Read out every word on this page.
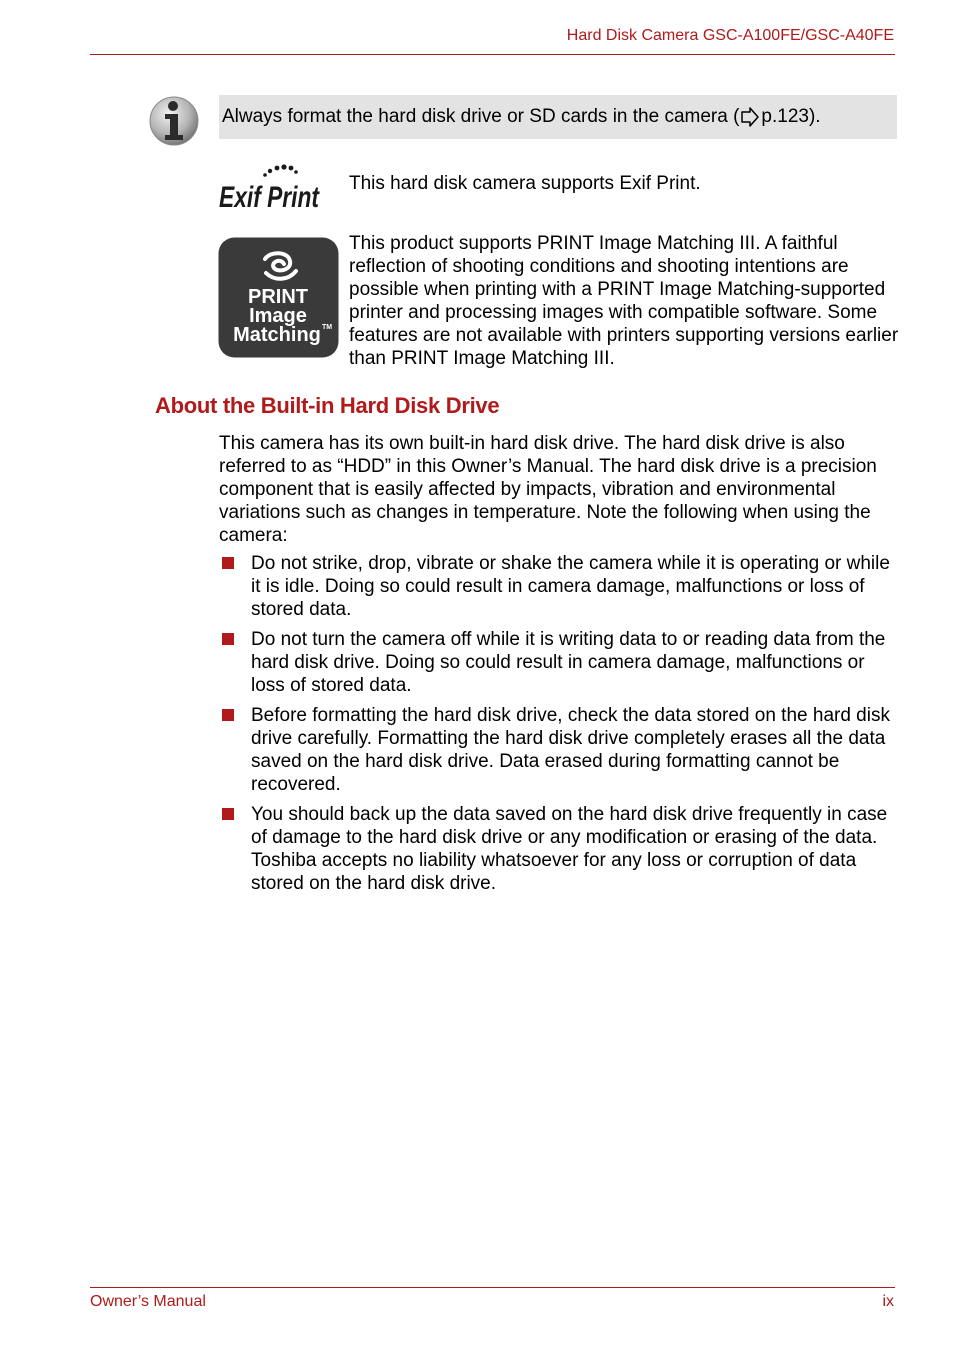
Hard Disk Camera GSC-A100FE/GSC-A40FE
Always format the hard disk drive or SD cards in the camera ( p.123).
Exif Print This hard disk camera supports Exif Print.
PRINT
Image
Matching TM
This product supports PRINT Image Matching III. A faithful reflection of shooting conditions and shooting intentions are possible when printing with a PRINT Image Matching-supported printer and processing images with compatible software. Some features are not available with printers supporting versions earlier than PRINT Image Matching III.
About the Built-in Hard Disk Drive
This camera has its own built-in hard disk drive. The hard disk drive is also referred to as “HDD” in this Owner’s Manual. The hard disk drive is a precision component that is easily affected by impacts, vibration and environmental variations such as changes in temperature. Note the following when using the camera:
Do not strike, drop, vibrate or shake the camera while it is operating or while it is idle. Doing so could result in camera damage, malfunctions or loss of stored data.
Do not turn the camera off while it is writing data to or reading data from the hard disk drive. Doing so could result in camera damage, malfunctions or loss of stored data.
Before formatting the hard disk drive, check the data stored on the hard disk drive carefully. Formatting the hard disk drive completely erases all the data saved on the hard disk drive. Data erased during formatting cannot be recovered.
You should back up the data saved on the hard disk drive frequently in case of damage to the hard disk drive or any modification or erasing of the data. Toshiba accepts no liability whatsoever for any loss or corruption of data stored on the hard disk drive.
Owner’s Manual	ix
